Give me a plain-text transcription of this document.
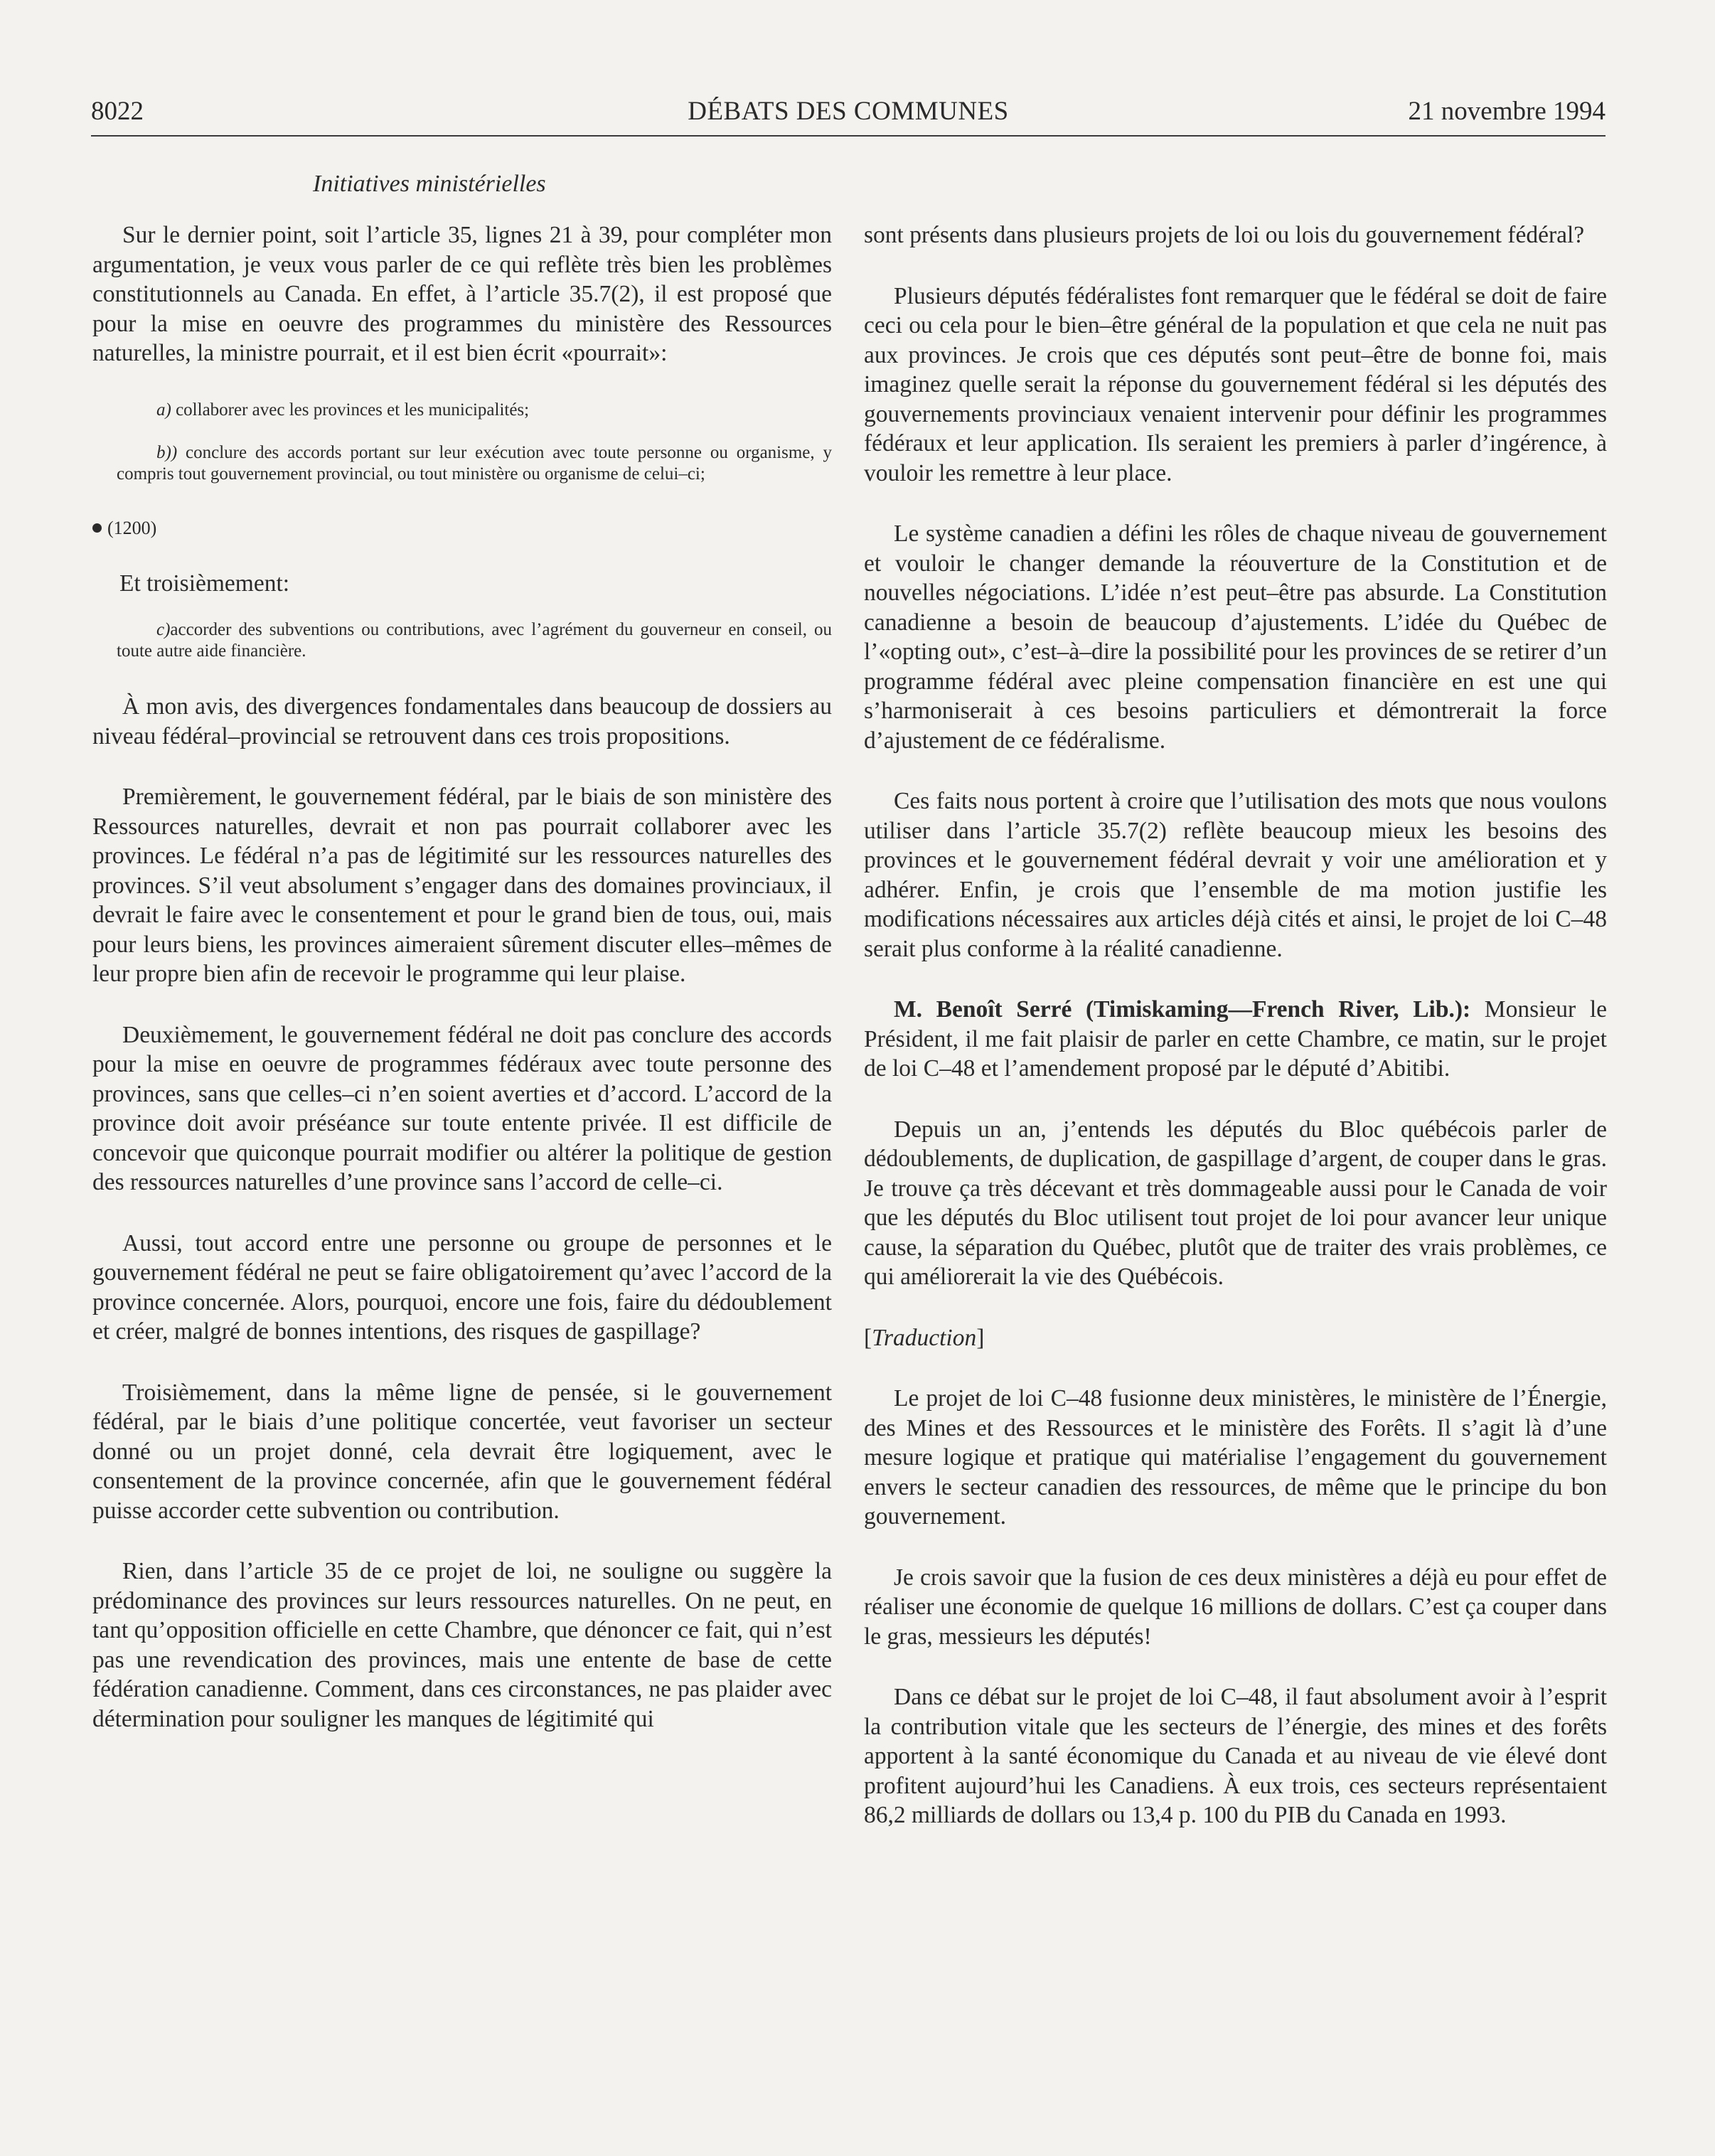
8022	DÉBATS DES COMMUNES	21 novembre 1994
Initiatives ministérielles

Sur le dernier point, soit l’article 35, lignes 21 à 39, pour compléter mon argumentation, je veux vous parler de ce qui reflète très bien les problèmes constitutionnels au Canada. En effet, à l’article 35.7(2), il est proposé que pour la mise en oeuvre des programmes du ministère des Ressources naturelles, la ministre pourrait, et il est bien écrit «pourrait»:

a) collaborer avec les provinces et les municipalités;

b)) conclure des accords portant sur leur exécution avec toute personne ou organisme, y compris tout gouvernement provincial, ou tout ministère ou organisme de celui–ci;

(1200)
Et troisièmement:

c)accorder des subventions ou contributions, avec l’agrément du gouverneur en conseil, ou toute autre aide financière.

À mon avis, des divergences fondamentales dans beaucoup de dossiers au niveau fédéral–provincial se retrouvent dans ces trois propositions.

Premièrement, le gouvernement fédéral, par le biais de son ministère des Ressources naturelles, devrait et non pas pourrait collaborer avec les provinces. Le fédéral n’a pas de légitimité sur les ressources naturelles des provinces. S’il veut absolument s’engager dans des domaines provinciaux, il devrait le faire avec le consentement et pour le grand bien de tous, oui, mais pour leurs biens, les provinces aimeraient sûrement discuter elles–mêmes de leur propre bien afin de recevoir le programme qui leur plaise.

Deuxièmement, le gouvernement fédéral ne doit pas conclure des accords pour la mise en oeuvre de programmes fédéraux avec toute personne des provinces, sans que celles–ci n’en soient averties et d’accord. L’accord de la province doit avoir préséance sur toute entente privée. Il est difficile de concevoir que quiconque pourrait modifier ou altérer la politique de gestion des ressources naturelles d’une province sans l’accord de celle–ci.

Aussi, tout accord entre une personne ou groupe de personnes et le gouvernement fédéral ne peut se faire obligatoirement qu’avec l’accord de la province concernée. Alors, pourquoi, encore une fois, faire du dédoublement et créer, malgré de bonnes intentions, des risques de gaspillage?

Troisièmement, dans la même ligne de pensée, si le gouvernement fédéral, par le biais d’une politique concertée, veut favoriser un secteur donné ou un projet donné, cela devrait être logiquement, avec le consentement de la province concernée, afin que le gouvernement fédéral puisse accorder cette subvention ou contribution.

Rien, dans l’article 35 de ce projet de loi, ne souligne ou suggère la prédominance des provinces sur leurs ressources naturelles. On ne peut, en tant qu’opposition officielle en cette Chambre, que dénoncer ce fait, qui n’est pas une revendication des provinces, mais une entente de base de cette fédération canadienne. Comment, dans ces circonstances, ne pas plaider avec détermination pour souligner les manques de légitimité qui

sont présents dans plusieurs projets de loi ou lois du gouvernement fédéral?

Plusieurs députés fédéralistes font remarquer que le fédéral se doit de faire ceci ou cela pour le bien–être général de la population et que cela ne nuit pas aux provinces. Je crois que ces députés sont peut–être de bonne foi, mais imaginez quelle serait la réponse du gouvernement fédéral si les députés des gouvernements provinciaux venaient intervenir pour définir les programmes fédéraux et leur application. Ils seraient les premiers à parler d’ingérence, à vouloir les remettre à leur place.

Le système canadien a défini les rôles de chaque niveau de gouvernement et vouloir le changer demande la réouverture de la Constitution et de nouvelles négociations. L’idée n’est peut–être pas absurde. La Constitution canadienne a besoin de beaucoup d’ajustements. L’idée du Québec de l’«opting out», c’est–à–dire la possibilité pour les provinces de se retirer d’un programme fédéral avec pleine compensation financière en est une qui s’harmoniserait à ces besoins particuliers et démontrerait la force d’ajustement de ce fédéralisme.

Ces faits nous portent à croire que l’utilisation des mots que nous voulons utiliser dans l’article 35.7(2) reflète beaucoup mieux les besoins des provinces et le gouvernement fédéral devrait y voir une amélioration et y adhérer. Enfin, je crois que l’ensemble de ma motion justifie les modifications nécessaires aux articles déjà cités et ainsi, le projet de loi C–48 serait plus conforme à la réalité canadienne.

M. Benoît Serré (Timiskaming—French River, Lib.): Monsieur le Président, il me fait plaisir de parler en cette Chambre, ce matin, sur le projet de loi C–48 et l’amendement proposé par le député d’Abitibi.

Depuis un an, j’entends les députés du Bloc québécois parler de dédoublements, de duplication, de gaspillage d’argent, de couper dans le gras. Je trouve ça très décevant et très dommageable aussi pour le Canada de voir que les députés du Bloc utilisent tout projet de loi pour avancer leur unique cause, la séparation du Québec, plutôt que de traiter des vrais problèmes, ce qui améliorerait la vie des Québécois.

[Traduction]

Le projet de loi C–48 fusionne deux ministères, le ministère de l’Énergie, des Mines et des Ressources et le ministère des Forêts. Il s’agit là d’une mesure logique et pratique qui matérialise l’engagement du gouvernement envers le secteur canadien des ressources, de même que le principe du bon gouvernement.

Je crois savoir que la fusion de ces deux ministères a déjà eu pour effet de réaliser une économie de quelque 16 millions de dollars. C’est ça couper dans le gras, messieurs les députés!

Dans ce débat sur le projet de loi C–48, il faut absolument avoir à l’esprit la contribution vitale que les secteurs de l’énergie, des mines et des forêts apportent à la santé économique du Canada et au niveau de vie élevé dont profitent aujourd’hui les Canadiens. À eux trois, ces secteurs représentaient 86,2 milliards de dollars ou 13,4 p. 100 du PIB du Canada en 1993.
